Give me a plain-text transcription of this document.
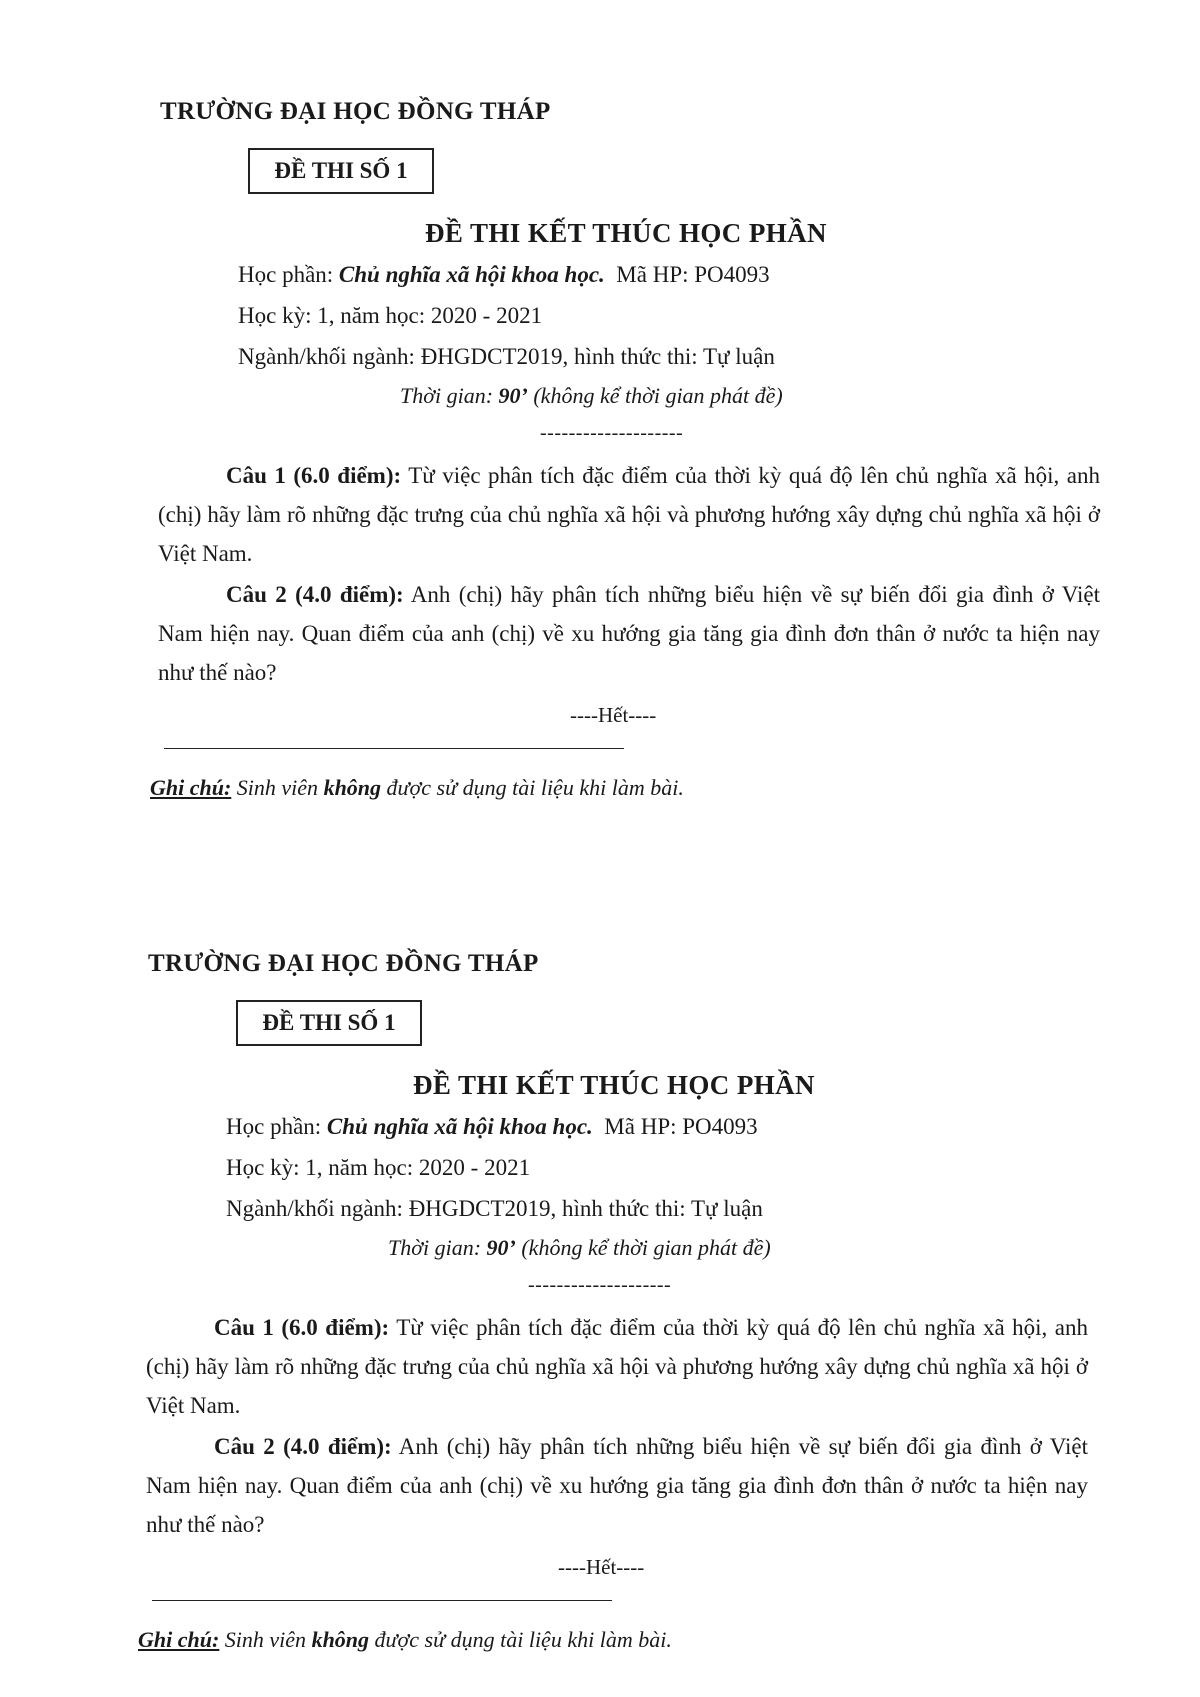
TRƯỜNG ĐẠI HỌC ĐỒNG THÁP
ĐỀ THI SỐ 1
ĐỀ THI KẾT THÚC HỌC PHẦN
Học phần: Chủ nghĩa xã hội khoa học. Mã HP: PO4093
Học kỳ: 1, năm học: 2020 - 2021
Ngành/khối ngành: ĐHGDCT2019, hình thức thi: Tự luận
Thời gian: 90’ (không kể thời gian phát đề)
--------------------

Câu 1 (6.0 điểm): Từ việc phân tích đặc điểm của thời kỳ quá độ lên chủ nghĩa xã hội, anh (chị) hãy làm rõ những đặc trưng của chủ nghĩa xã hội và phương hướng xây dựng chủ nghĩa xã hội ở Việt Nam.

Câu 2 (4.0 điểm): Anh (chị) hãy phân tích những biểu hiện về sự biến đổi gia đình ở Việt Nam hiện nay. Quan điểm của anh (chị) về xu hướng gia tăng gia đình đơn thân ở nước ta hiện nay như thế nào?

----Hết----
Ghi chú: Sinh viên không được sử dụng tài liệu khi làm bài.
TRƯỜNG ĐẠI HỌC ĐỒNG THÁP
ĐỀ THI SỐ 1
ĐỀ THI KẾT THÚC HỌC PHẦN
Học phần: Chủ nghĩa xã hội khoa học. Mã HP: PO4093
Học kỳ: 1, năm học: 2020 - 2021
Ngành/khối ngành: ĐHGDCT2019, hình thức thi: Tự luận
Thời gian: 90’ (không kể thời gian phát đề)
--------------------

Câu 1 (6.0 điểm): Từ việc phân tích đặc điểm của thời kỳ quá độ lên chủ nghĩa xã hội, anh (chị) hãy làm rõ những đặc trưng của chủ nghĩa xã hội và phương hướng xây dựng chủ nghĩa xã hội ở Việt Nam.

Câu 2 (4.0 điểm): Anh (chị) hãy phân tích những biểu hiện về sự biến đổi gia đình ở Việt Nam hiện nay. Quan điểm của anh (chị) về xu hướng gia tăng gia đình đơn thân ở nước ta hiện nay như thế nào?

----Hết----
Ghi chú: Sinh viên không được sử dụng tài liệu khi làm bài.
